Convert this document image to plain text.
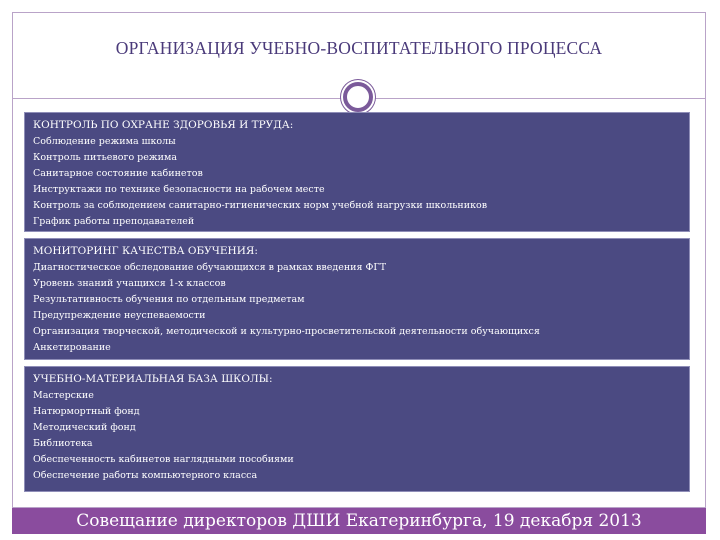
ОРГАНИЗАЦИЯ УЧЕБНО-ВОСПИТАТЕЛЬНОГО ПРОЦЕССА
КОНТРОЛЬ ПО ОХРАНЕ ЗДОРОВЬЯ И ТРУДА:
Соблюдение режима школы
Контроль питьевого режима
Санитарное состояние кабинетов
Инструктажи по технике безопасности на рабочем месте
Контроль за соблюдением санитарно-гигиенических норм учебной нагрузки школьников
График работы преподавателей
МОНИТОРИНГ КАЧЕСТВА ОБУЧЕНИЯ:
Диагностическое обследование обучающихся в рамках введения ФГТ
Уровень знаний учащихся 1-х классов
Результативность обучения по отдельным предметам
Предупреждение неуспеваемости
Организация творческой, методической и культурно-просветительской деятельности обучающихся
Анкетирование
УЧЕБНО-МАТЕРИАЛЬНАЯ БАЗА ШКОЛЫ:
Мастерские
Натюрмортный фонд
Методический фонд
Библиотека
Обеспеченность кабинетов наглядными пособиями
Обеспечение работы компьютерного класса
Совещание директоров ДШИ Екатеринбурга, 19 декабря 2013
